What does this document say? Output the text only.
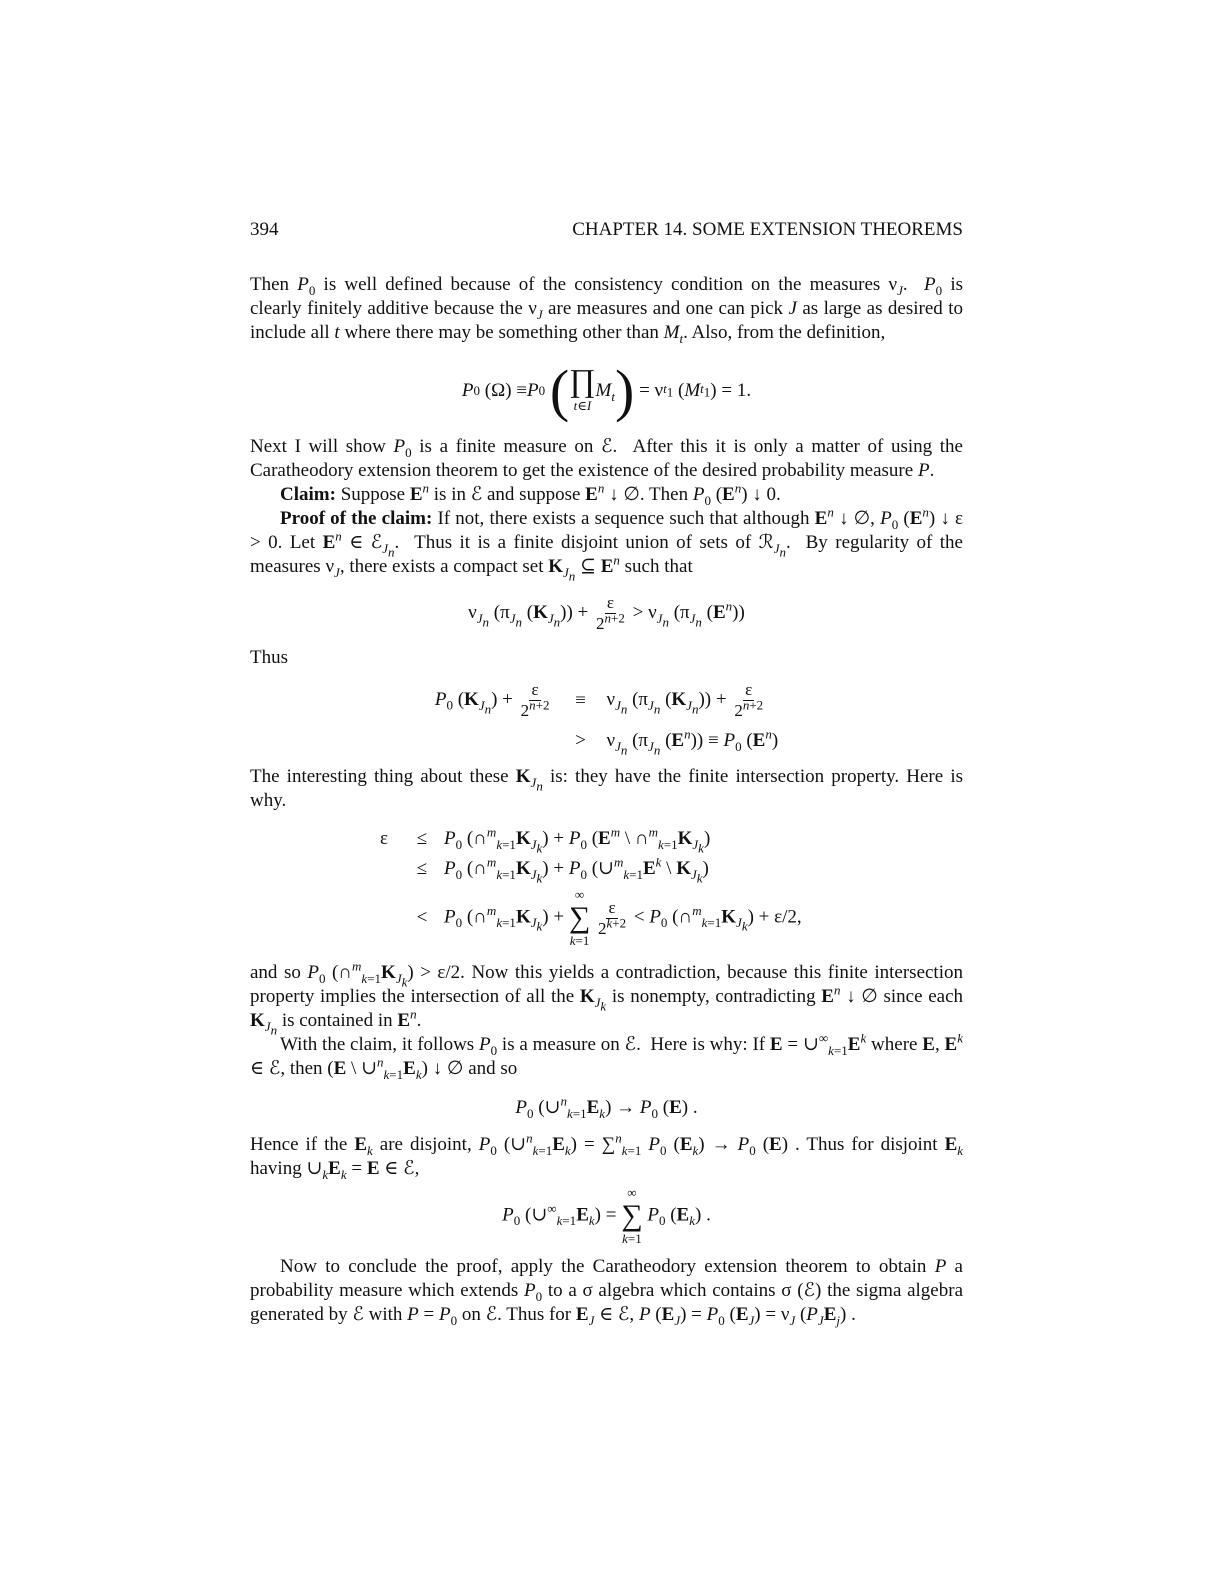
394	CHAPTER 14. SOME EXTENSION THEOREMS

Then $P_0$ is well defined because of the consistency condition on the measures $\nu_J$.  $P_0$ is clearly finitely additive because the $\nu_J$ are measures and one can pick J as large as desired to include all t where there may be something other than $M_t$. Also, from the definition,

P 0 (Ω) ≡ P 0
( ∏
t∈I
$M_t$ ) = ν $t_1$ ( M $t_1$ ) = 1.

Next I will show $P_0$ is a finite measure on ℰ.  After this it is only a matter of using the Caratheodory extension theorem to get the existence of the desired probability measure P.

Claim: Suppose $E^n$ is in ℰ and suppose $E^n$ ↓ ∅. Then $P_0$ $(E^n)$ ↓ 0.

Proof of the claim: If not, there exists a sequence such that although $E^n$ ↓ ∅, $P_0$ $(E^n)$ ↓ ε > 0. Let $E^n$ ∈ ℰ$_{J_n}$.  Thus it is a finite disjoint union of sets of ℛ$_{J_n}$.  By regularity of the measures $\nu_J$, there exists a compact set $K_{J_n}$ ⊆ $E^n$ such that

$\nu_{J_n}$ ($\pi_{J_n}$ $(K_{J_n})) + \frac{\varepsilon}{2^{n+2}} > \nu_{J_n}$ ($\pi_{J_n}$ $(E^n)$)

Thus

$P_0$ $(K_{J_n}) + \frac{\varepsilon}{2^{n+2}}$	≡	$\nu_{J_n}$ ($\pi_{J_n}$ $(K_{J_n})) + \frac{\varepsilon}{2^{n+2}}$
>	$\nu_{J_n}$ ($\pi_{J_n}$ $(E^n)) \equiv P_0$ $(E^n)$

The interesting thing about these $K_{J_n}$ is: they have the finite intersection property. Here is why.

ε	≤ $P_0$ $(\cap^m_{k=1}K_{J_k}) + P_0$ ($E^m$ \ $\cap^m_{k=1}K_{J_k}$)
≤ $P_0$ $(\cap^m_{k=1}K_{J_k}) + P_0$ ($\cup^m_{k=1}E^k$ \ $K_{J_k}$)
< $P_0$ $(\cap^m_{k=1}K_{J_k})$ +
∞
∑
k=1

$\frac{\varepsilon}{2^{k+2}} < P_0$ $(\cap^m_{k=1}K_{J_k}) + \varepsilon/2$,

and so $P_0$ $(\cap^m_{k=1}K_{J_k}) > \varepsilon/2$. Now this yields a contradiction, because this finite intersection property implies the intersection of all the $K_{J_k}$ is nonempty, contradicting $E^n$ ↓ ∅ since each $K_{J_n}$ is contained in $E^n$.

With the claim, it follows $P_0$ is a measure on ℰ.  Here is why: If $E = \cup^\infty_{k=1}E^k$ where E, $E^k$ ∈ ℰ, then (E \ $\cup^n_{k=1}E_k$) ↓ ∅ and so

$P_0$ $(\cup^n_{k=1}E_k) \to P_0$ (E) .

Hence if the $E_k$ are disjoint, $P_0$ $(\cup^n_{k=1}E_k) = \sum^n_{k=1}$ $P_0$ $(E_k) \to P_0$ (E) . Thus for disjoint $E_k$ having $\cup_kE_k = E$ ∈ ℰ,

$P_0$ $(\cup^\infty_{k=1}E_k)$ =
∞
∑
k=1
$P_0$ $(E_k)$ .

Now to conclude the proof, apply the Caratheodory extension theorem to obtain P a probability measure which extends $P_0$ to a σ algebra which contains σ (ℰ) the sigma algebra generated by ℰ with $P = P_0$ on ℰ. Thus for $E_J$ ∈ ℰ, P $(E_J) = P_0$ $(E_J) = \nu_J$ $(P_JE_j)$ .
